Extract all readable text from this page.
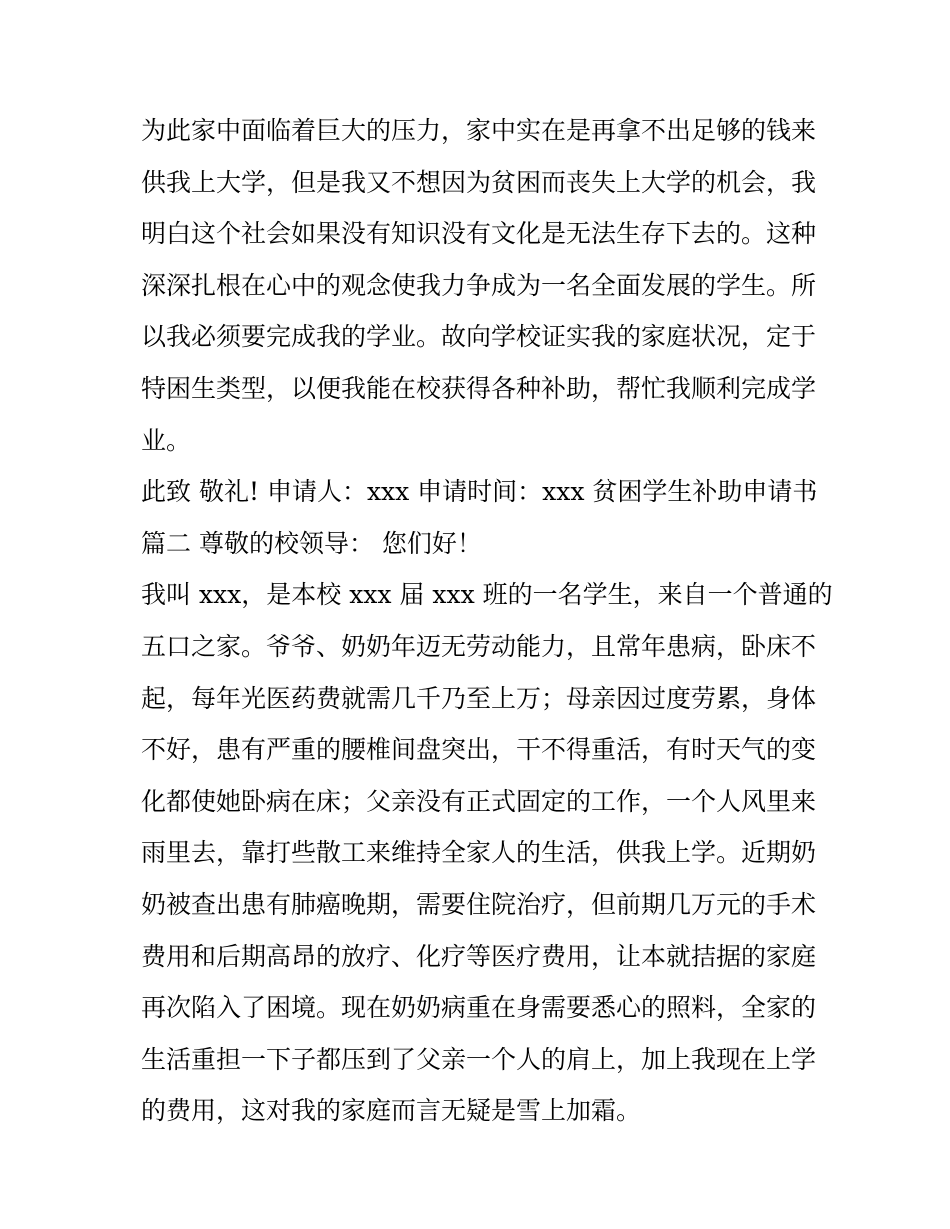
为此家中面临着巨大的压力，家中实在是再拿不出足够的钱来
供我上大学，但是我又不想因为贫困而丧失上大学的机会，我
明白这个社会如果没有知识没有文化是无法生存下去的。这种
深深扎根在心中的观念使我力争成为一名全面发展的学生。所
以我必须要完成我的学业。故向学校证实我的家庭状况，定于
特困生类型，以便我能在校获得各种补助，帮忙我顺利完成学
业。
此致 敬礼! 申请人：xxx 申请时间：xxx 贫困学生补助申请书
篇二 尊敬的校领导： 您们好！
我叫 xxx，是本校 xxx 届 xxx 班的一名学生，来自一个普通的
五口之家。爷爷、奶奶年迈无劳动能力，且常年患病，卧床不
起，每年光医药费就需几千乃至上万；母亲因过度劳累，身体
不好，患有严重的腰椎间盘突出，干不得重活，有时天气的变
化都使她卧病在床；父亲没有正式固定的工作，一个人风里来
雨里去，靠打些散工来维持全家人的生活，供我上学。近期奶
奶被查出患有肺癌晚期，需要住院治疗，但前期几万元的手术
费用和后期高昂的放疗、化疗等医疗费用，让本就拮据的家庭
再次陷入了困境。现在奶奶病重在身需要悉心的照料，全家的
生活重担一下子都压到了父亲一个人的肩上，加上我现在上学
的费用，这对我的家庭而言无疑是雪上加霜。
